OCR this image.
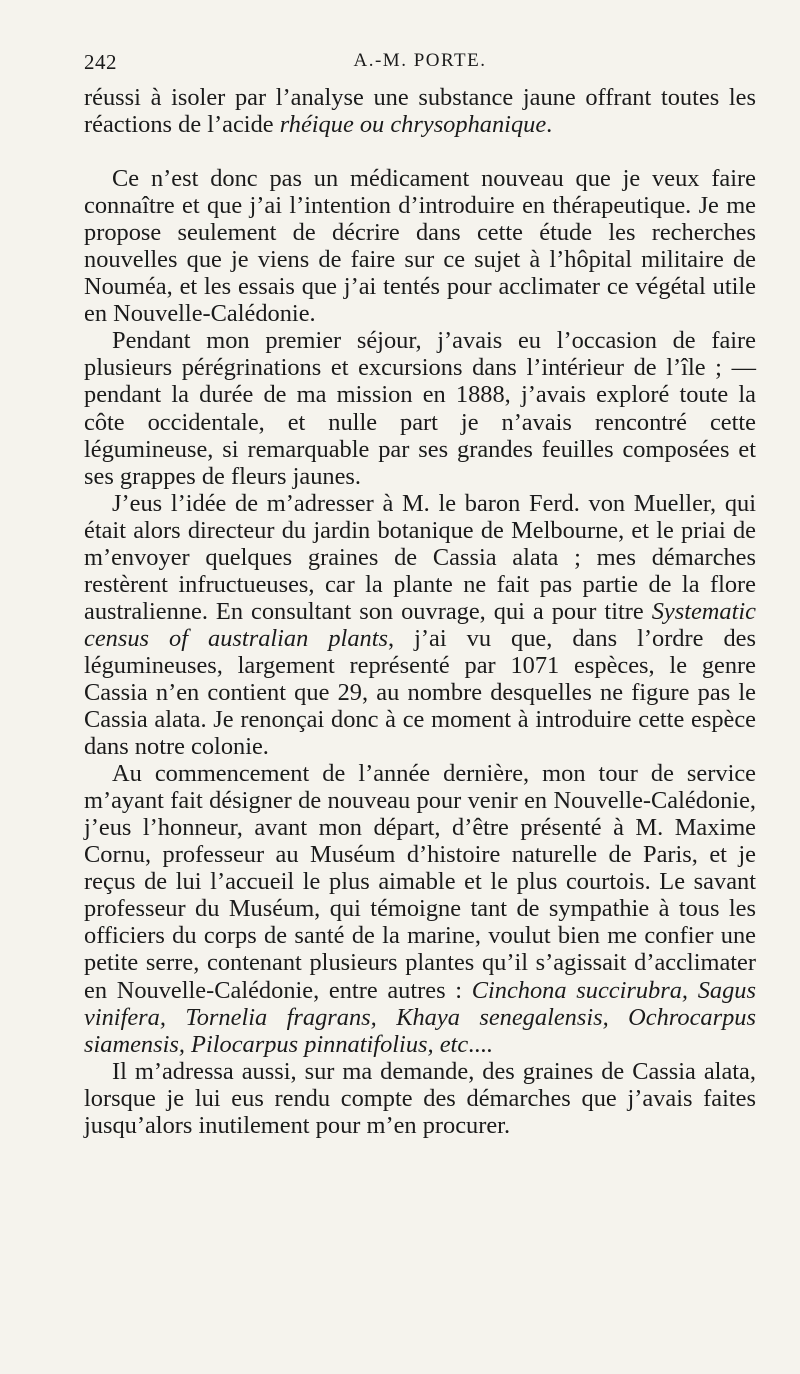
242	A.-M. PORTE.

réussi à isoler par l’analyse une substance jaune offrant toutes les réactions de l’acide rhéique ou chrysophanique.

Ce n’est donc pas un médicament nouveau que je veux faire connaître et que j’ai l’intention d’introduire en thérapeutique. Je me propose seulement de décrire dans cette étude les recherches nouvelles que je viens de faire sur ce sujet à l’hôpital militaire de Nouméa, et les essais que j’ai tentés pour acclimater ce végétal utile en Nouvelle-Calédonie.

Pendant mon premier séjour, j’avais eu l’occasion de faire plusieurs pérégrinations et excursions dans l’intérieur de l’île ; — pendant la durée de ma mission en 1888, j’avais exploré toute la côte occidentale, et nulle part je n’avais rencontré cette légumineuse, si remarquable par ses grandes feuilles composées et ses grappes de fleurs jaunes.

J’eus l’idée de m’adresser à M. le baron Ferd. von Mueller, qui était alors directeur du jardin botanique de Melbourne, et le priai de m’envoyer quelques graines de Cassia alata ; mes démarches restèrent infructueuses, car la plante ne fait pas partie de la flore australienne. En consultant son ouvrage, qui a pour titre Systematic census of australian plants, j’ai vu que, dans l’ordre des légumineuses, largement représenté par 1071 espèces, le genre Cassia n’en contient que 29, au nombre desquelles ne figure pas le Cassia alata. Je renonçai donc à ce moment à introduire cette espèce dans notre colonie.

Au commencement de l’année dernière, mon tour de service m’ayant fait désigner de nouveau pour venir en Nouvelle-Calédonie, j’eus l’honneur, avant mon départ, d’être présenté à M. Maxime Cornu, professeur au Muséum d’histoire naturelle de Paris, et je reçus de lui l’accueil le plus aimable et le plus courtois. Le savant professeur du Muséum, qui témoigne tant de sympathie à tous les officiers du corps de santé de la marine, voulut bien me confier une petite serre, contenant plusieurs plantes qu’il s’agissait d’acclimater en Nouvelle-Calédonie, entre autres : Cinchona succirubra, Sagus vinifera, Tornelia fragrans, Khaya senegalensis, Ochrocarpus siamensis, Pilocarpus pinnatifolius, etc....

Il m’adressa aussi, sur ma demande, des graines de Cassia alata, lorsque je lui eus rendu compte des démarches que j’avais faites jusqu’alors inutilement pour m’en procurer.
